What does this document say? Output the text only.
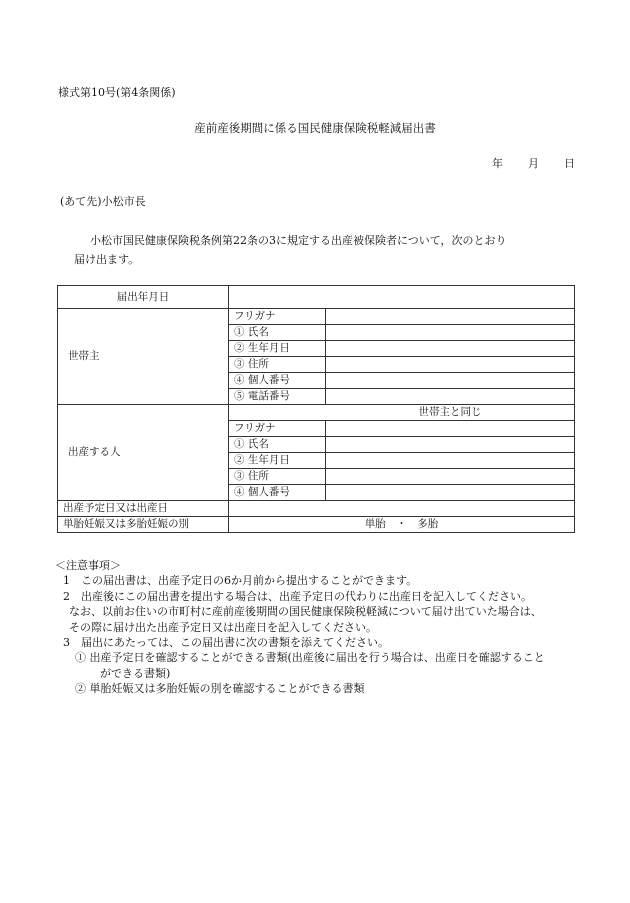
様式第10号(第4条関係)
産前産後期間に係る国民健康保険税軽減届出書
年 月 日
(あて先)小松市長
小松市国民健康保険税条例第22条の3に規定する出産被保険者について，次のとおり
届け出ます。
届出年月日		
世帯主	フリガナ	
	① 氏名	
	② 生年月日	
	③ 住所	
	④ 個人番号	
	⑤ 電話番号	
出産する人	世帯主と同じ	
	フリガナ	
	① 氏名	
	② 生年月日	
	③ 住所	
	④ 個人番号	
出産予定日又は出産日		
単胎妊娠又は多胎妊娠の別	単胎　・　多胎	
＜注意事項＞
1　この届出書は、出産予定日の6か月前から提出することができます。
2　出産後にこの届出書を提出する場合は、出産予定日の代わりに出産日を記入してください。
なお、以前お住いの市町村に産前産後期間の国民健康保険税軽減について届け出ていた場合は、
その際に届け出た出産予定日又は出産日を記入してください。
3　届出にあたっては、この届出書に次の書類を添えてください。
① 出産予定日を確認することができる書類(出産後に届出を行う場合は、出産日を確認すること
ができる書類)
② 単胎妊娠又は多胎妊娠の別を確認することができる書類
